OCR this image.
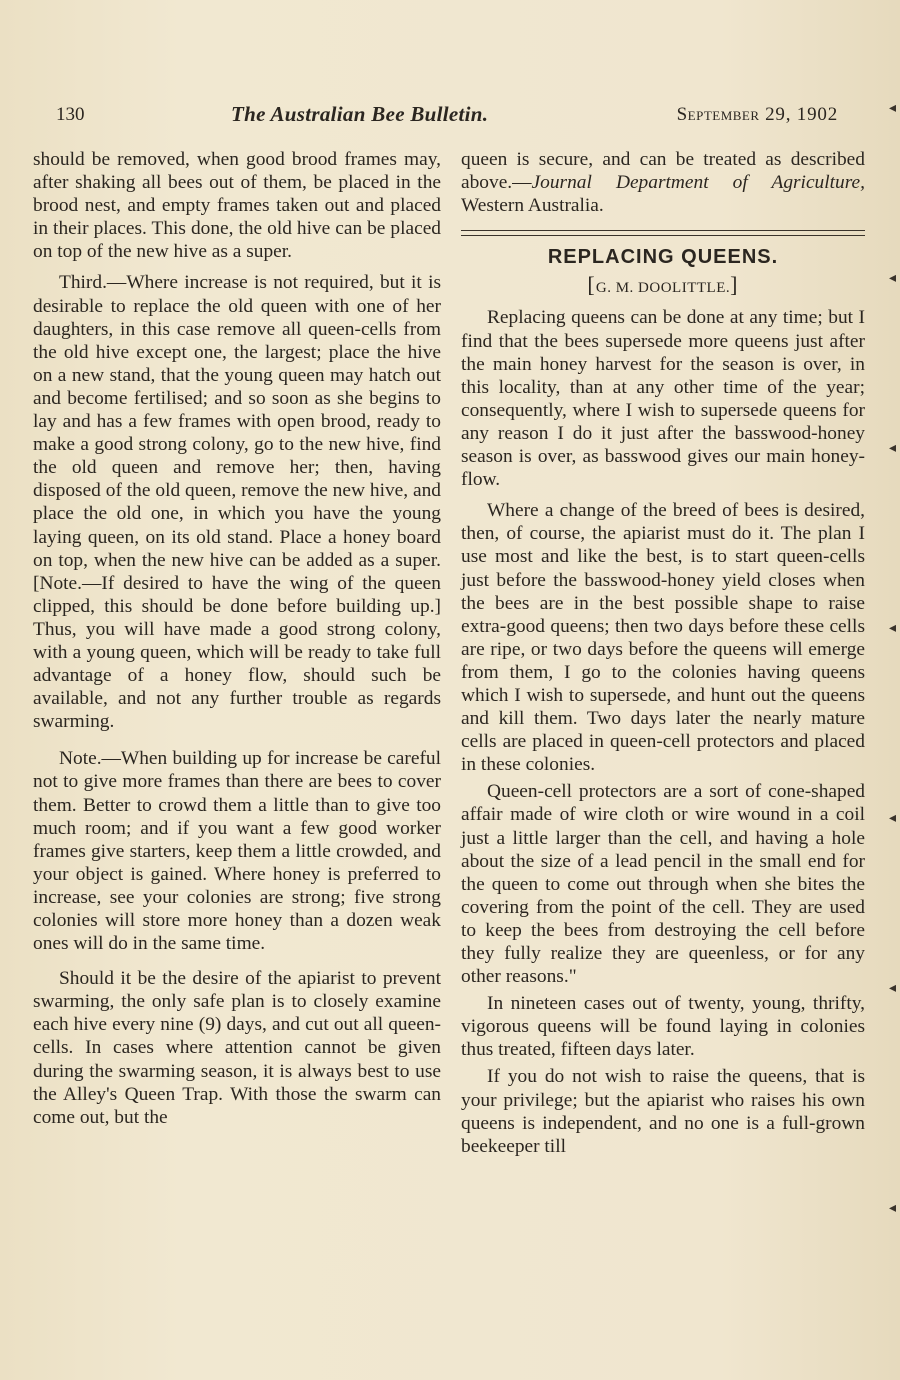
130	The Australian Bee Bulletin.	September 29, 1902

should be removed, when good brood frames may, after shaking all bees out of them, be placed in the brood nest, and empty frames taken out and placed in their places. This done, the old hive can be placed on top of the new hive as a super.

Third.—Where increase is not required, but it is desirable to replace the old queen with one of her daughters, in this case remove all queen-cells from the old hive except one, the largest; place the hive on a new stand, that the young queen may hatch out and become fertilised; and so soon as she begins to lay and has a few frames with open brood, ready to make a good strong colony, go to the new hive, find the old queen and remove her; then, having disposed of the old queen, remove the new hive, and place the old one, in which you have the young laying queen, on its old stand. Place a honey board on top, when the new hive can be added as a super. [Note.—If desired to have the wing of the queen clipped, this should be done before building up.] Thus, you will have made a good strong colony, with a young queen, which will be ready to take full advantage of a honey flow, should such be available, and not any further trouble as regards swarming.

Note.—When building up for increase be careful not to give more frames than there are bees to cover them. Better to crowd them a little than to give too much room; and if you want a few good worker frames give starters, keep them a little crowded, and your object is gained. Where honey is preferred to increase, see your colonies are strong; five strong colonies will store more honey than a dozen weak ones will do in the same time.

Should it be the desire of the apiarist to prevent swarming, the only safe plan is to closely examine each hive every nine (9) days, and cut out all queen-cells. In cases where attention cannot be given during the swarming season, it is always best to use the Alley's Queen Trap. With those the swarm can come out, but the

queen is secure, and can be treated as described above.—Journal Department of Agriculture, Western Australia.

REPLACING QUEENS.
[G. M. DOOLITTLE.]

Replacing queens can be done at any time; but I find that the bees supersede more queens just after the main honey harvest for the season is over, in this locality, than at any other time of the year; consequently, where I wish to supersede queens for any reason I do it just after the basswood-honey season is over, as basswood gives our main honey-flow.

Where a change of the breed of bees is desired, then, of course, the apiarist must do it. The plan I use most and like the best, is to start queen-cells just before the basswood-honey yield closes when the bees are in the best possible shape to raise extra-good queens; then two days before these cells are ripe, or two days before the queens will emerge from them, I go to the colonies having queens which I wish to supersede, and hunt out the queens and kill them. Two days later the nearly mature cells are placed in queen-cell protectors and placed in these colonies.

Queen-cell protectors are a sort of cone-shaped affair made of wire cloth or wire wound in a coil just a little larger than the cell, and having a hole about the size of a lead pencil in the small end for the queen to come out through when she bites the covering from the point of the cell. They are used to keep the bees from destroying the cell before they fully realize they are queenless, or for any other reasons."

In nineteen cases out of twenty, young, thrifty, vigorous queens will be found laying in colonies thus treated, fifteen days later.

If you do not wish to raise the queens, that is your privilege; but the apiarist who raises his own queens is independent, and no one is a full-grown beekeeper till

◂
◂
◂
◂
◂
◂
◂
